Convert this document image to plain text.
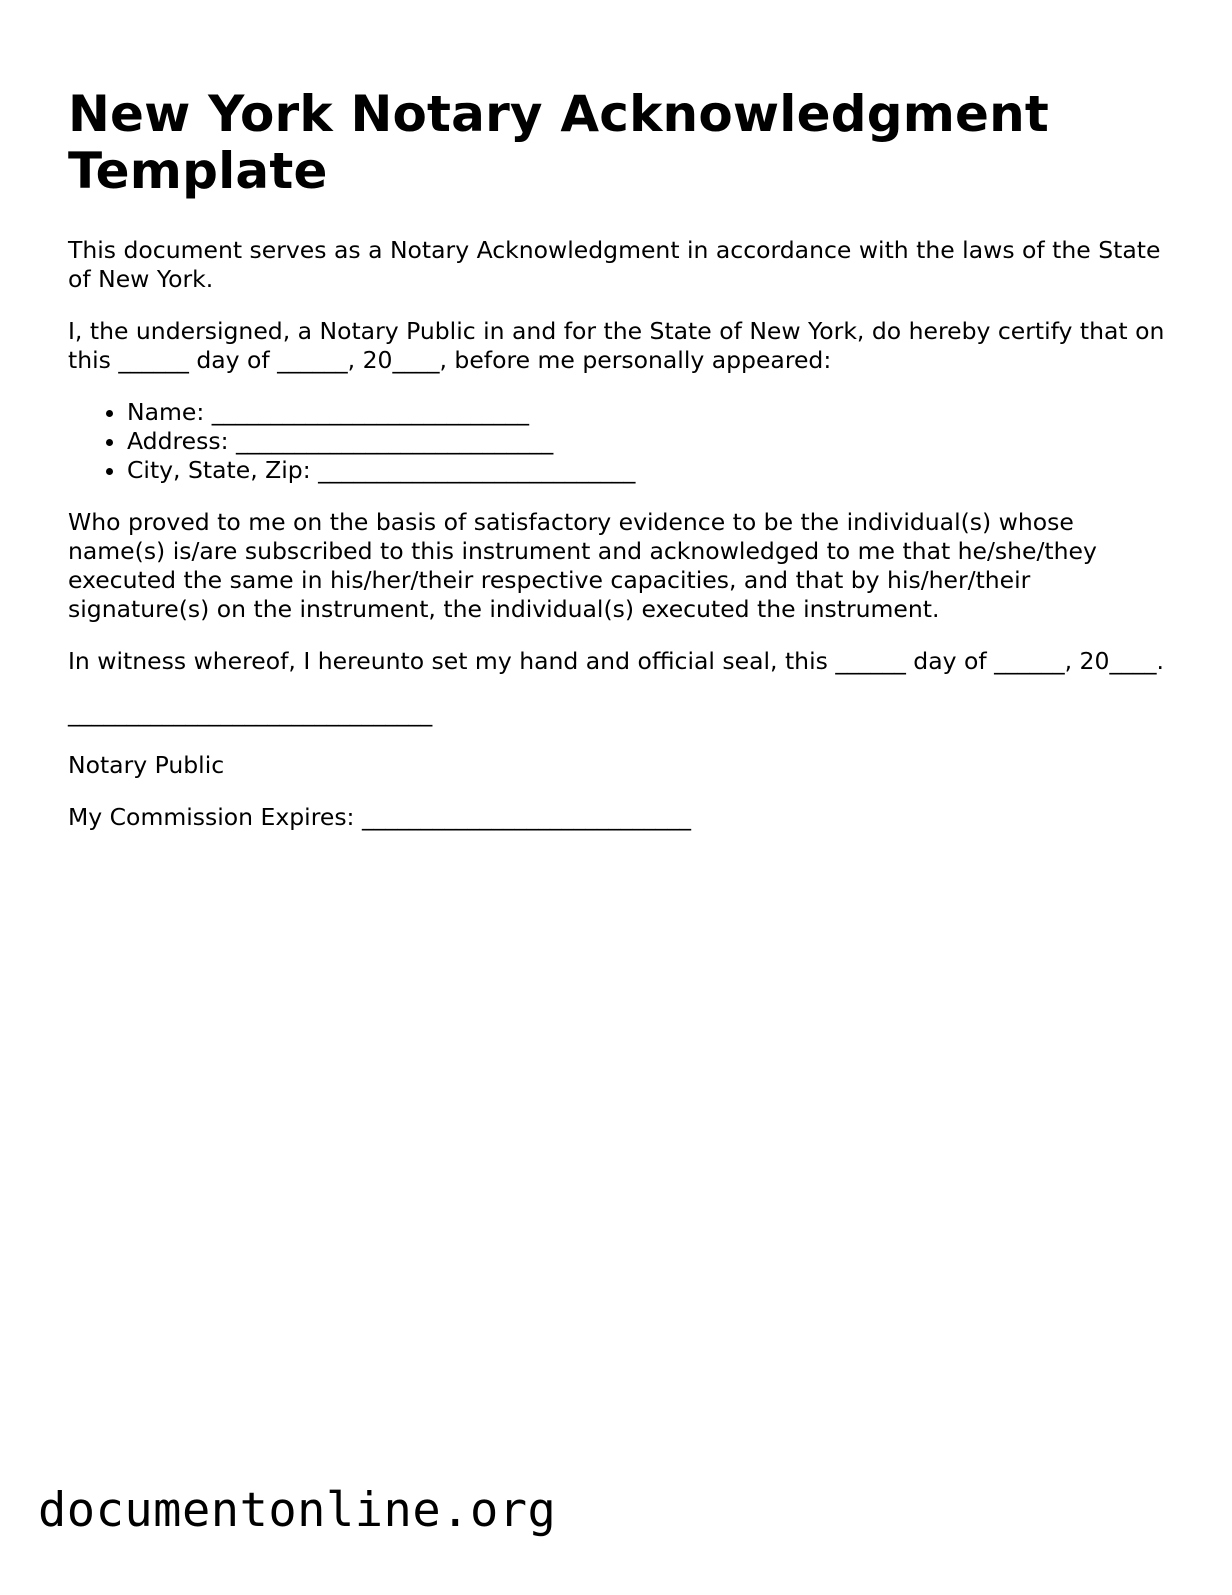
New York Notary Acknowledgment Template

This document serves as a Notary Acknowledgment in accordance with the laws of the State of New York.

I, the undersigned, a Notary Public in and for the State of New York, do hereby certify that on this ______ day of ______, 20____, before me personally appeared:

• Name: ___________________________
• Address: ___________________________
• City, State, Zip: ___________________________

Who proved to me on the basis of satisfactory evidence to be the individual(s) whose name(s) is/are subscribed to this instrument and acknowledged to me that he/she/they executed the same in his/her/their respective capacities, and that by his/her/their signature(s) on the instrument, the individual(s) executed the instrument.

In witness whereof, I hereunto set my hand and official seal, this ______ day of ______, 20____.

_______________________________

Notary Public

My Commission Expires: ____________________________

documentonline.org
